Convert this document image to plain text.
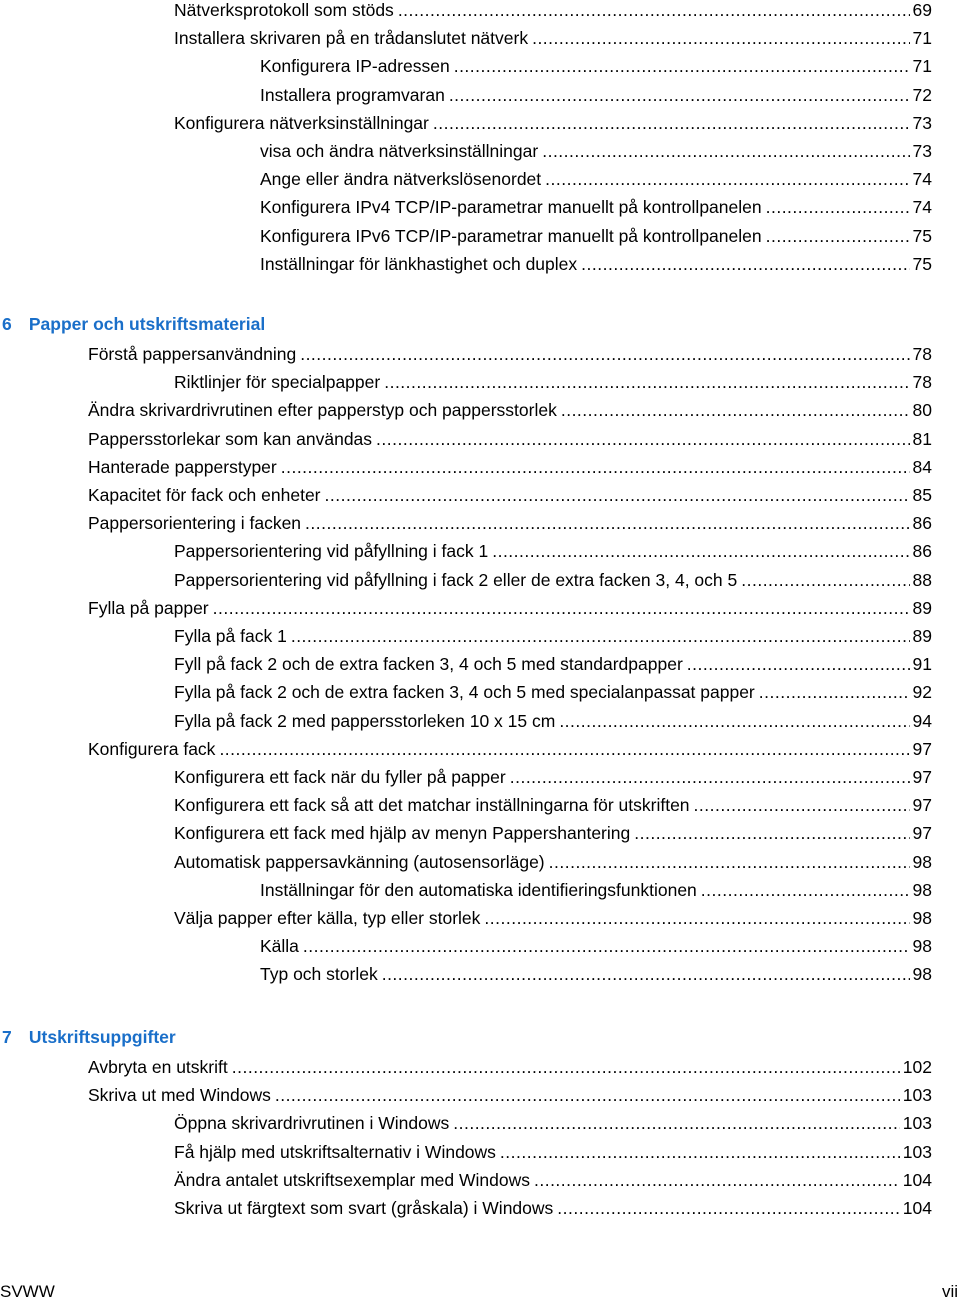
Nätverksprotokoll som stöds .....	69
Installera skrivaren på en trådanslutet nätverk .....	71
Konfigurera IP-adressen .....	71
Installera programvaran .....	72
Konfigurera nätverksinställningar .....	73
visa och ändra nätverksinställningar .....	73
Ange eller ändra nätverkslösenordet .....	74
Konfigurera IPv4 TCP/IP-parametrar manuellt på kontrollpanelen .....	74
Konfigurera IPv6 TCP/IP-parametrar manuellt på kontrollpanelen .....	75
Inställningar för länkhastighet och duplex .....	75
6 Papper och utskriftsmaterial
Förstå pappersanvändning .....	78
Riktlinjer för specialpapper .....	78
Ändra skrivardrivrutinen efter papperstyp och pappersstorlek .....	80
Pappersstorlekar som kan användas .....	81
Hanterade papperstyper .....	84
Kapacitet för fack och enheter .....	85
Pappersorientering i facken .....	86
Pappersorientering vid påfyllning i fack 1 .....	86
Pappersorientering vid påfyllning i fack 2 eller de extra facken 3, 4, och 5 .....	88
Fylla på papper .....	89
Fylla på fack 1 .....	89
Fyll på fack 2 och de extra facken 3, 4 och 5 med standardpapper .....	91
Fylla på fack 2 och de extra facken 3, 4 och 5 med specialanpassat papper .....	92
Fylla på fack 2 med pappersstorleken 10 x 15 cm .....	94
Konfigurera fack .....	97
Konfigurera ett fack när du fyller på papper .....	97
Konfigurera ett fack så att det matchar inställningarna för utskriften .....	97
Konfigurera ett fack med hjälp av menyn Pappershantering .....	97
Automatisk pappersavkänning (autosensorläge) .....	98
Inställningar för den automatiska identifieringsfunktionen .....	98
Välja papper efter källa, typ eller storlek .....	98
Källa .....	98
Typ och storlek .....	98
7 Utskriftsuppgifter
Avbryta en utskrift .....	102
Skriva ut med Windows .....	103
Öppna skrivardrivrutinen i Windows .....	103
Få hjälp med utskriftsalternativ i Windows .....	103
Ändra antalet utskriftsexemplar med Windows .....	104
Skriva ut färgtext som svart (gråskala) i Windows .....	104
SVWW	vii
